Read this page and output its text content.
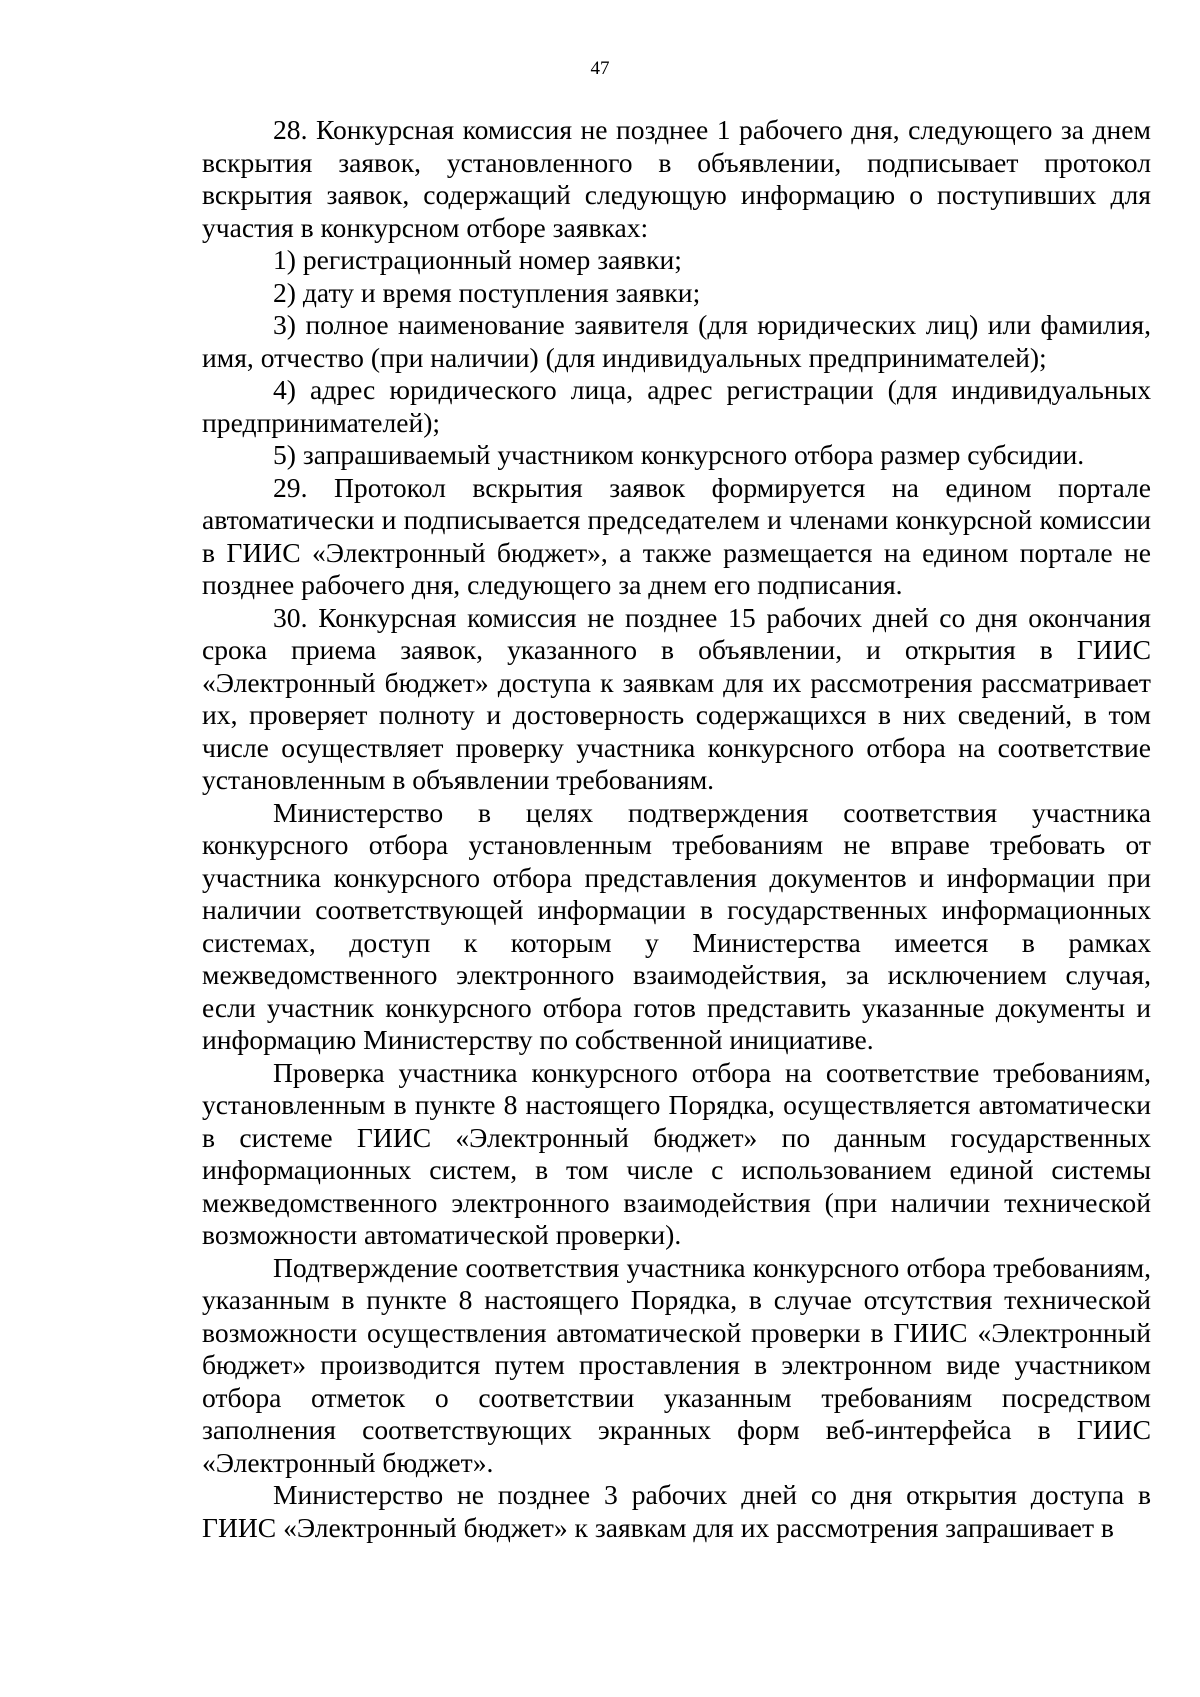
47

28. Конкурсная комиссия не позднее 1 рабочего дня, следующего за днем вскрытия заявок, установленного в объявлении, подписывает протокол вскрытия заявок, содержащий следующую информацию о поступивших для участия в конкурсном отборе заявках:

1) регистрационный номер заявки;

2) дату и время поступления заявки;

3) полное наименование заявителя (для юридических лиц) или фамилия, имя, отчество (при наличии) (для индивидуальных предпринимателей);

4) адрес юридического лица, адрес регистрации (для индивидуальных предпринимателей);

5) запрашиваемый участником конкурсного отбора размер субсидии.

29. Протокол вскрытия заявок формируется на едином портале автоматически и подписывается председателем и членами конкурсной комиссии в ГИИС «Электронный бюджет», а также размещается на едином портале не позднее рабочего дня, следующего за днем его подписания.

30. Конкурсная комиссия не позднее 15 рабочих дней со дня окончания срока приема заявок, указанного в объявлении, и открытия в ГИИС «Электронный бюджет» доступа к заявкам для их рассмотрения рассматривает их, проверяет полноту и достоверность содержащихся в них сведений, в том числе осуществляет проверку участника конкурсного отбора на соответствие установленным в объявлении требованиям.

Министерство в целях подтверждения соответствия участника конкурсного отбора установленным требованиям не вправе требовать от участника конкурсного отбора представления документов и информации при наличии соответствующей информации в государственных информационных системах, доступ к которым у Министерства имеется в рамках межведомственного электронного взаимодействия, за исключением случая, если участник конкурсного отбора готов представить указанные документы и информацию Министерству по собственной инициативе.

Проверка участника конкурсного отбора на соответствие требованиям, установленным в пункте 8 настоящего Порядка, осуществляется автоматически в системе ГИИС «Электронный бюджет» по данным государственных информационных систем, в том числе с использованием единой системы межведомственного электронного взаимодействия (при наличии технической возможности автоматической проверки).

Подтверждение соответствия участника конкурсного отбора требованиям, указанным в пункте 8 настоящего Порядка, в случае отсутствия технической возможности осуществления автоматической проверки в ГИИС «Электронный бюджет» производится путем проставления в электронном виде участником отбора отметок о соответствии указанным требованиям посредством заполнения соответствующих экранных форм веб-интерфейса в ГИИС «Электронный бюджет».

Министерство не позднее 3 рабочих дней со дня открытия доступа в ГИИС «Электронный бюджет» к заявкам для их рассмотрения запрашивает в
